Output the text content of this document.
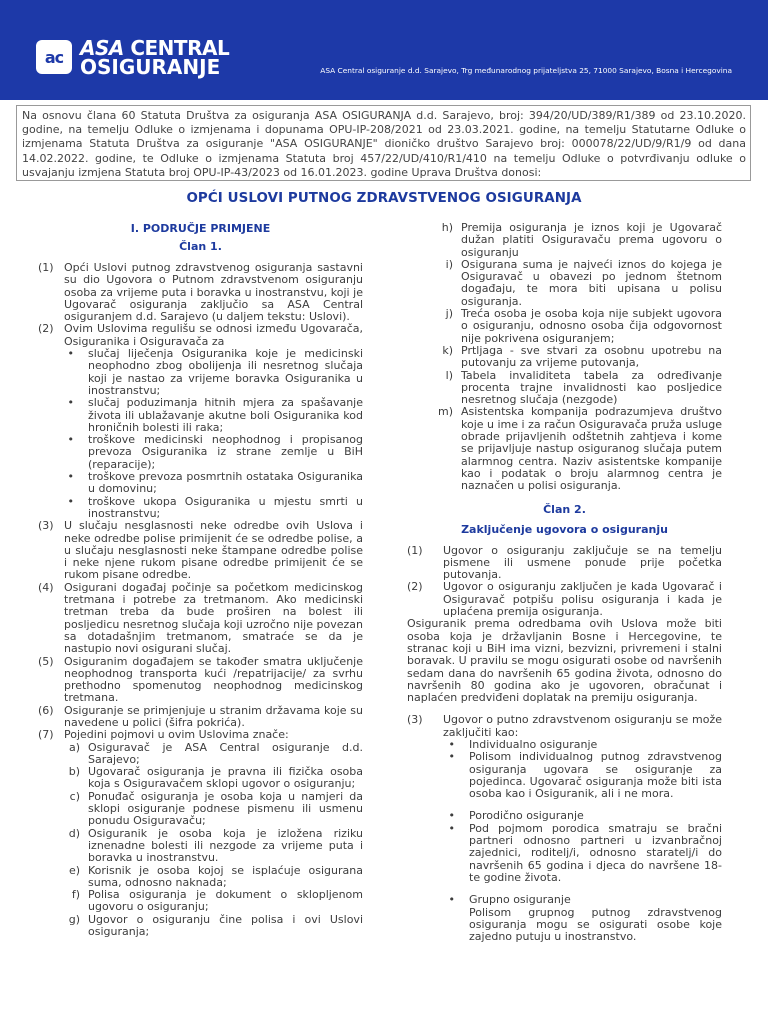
ac ASA CENTRAL
OSIGURANJE	ASA Central osiguranje d.d. Sarajevo, Trg međunarodnog prijateljstva 25, 71000 Sarajevo, Bosna i Hercegovina
Na osnovu člana 60 Statuta Društva za osiguranja ASA OSIGURANJA d.d. Sarajevo, broj: 394/20/UD/389/R1/389 od 23.10.2020. godine, na temelju Odluke o izmjenama i dopunama OPU-IP-208/2021 od 23.03.2021. godine, na temelju Statutarne Odluke o izmjenama Statuta Društva za osiguranje "ASA OSIGURANJE" dioničko društvo Sarajevo broj: 000078/22/UD/9/R1/9 od dana 14.02.2022. godine, te Odluke o izmjenama Statuta broj 457/22/UD/410/R1/410 na temelju Odluke o potvrđivanju odluke o usvajanju izmjena Statuta broj OPU-IP-43/2023 od 16.01.2023. godine Uprava Društva donosi:
OPĆI USLOVI PUTNOG ZDRAVSTVENOG OSIGURANJA
I. PODRUČJE PRIMJENE
Član 1.
(1) Opći Uslovi putnog zdravstvenog osiguranja sastavni su dio Ugovora o Putnom zdravstvenom osiguranju osoba za vrijeme puta i boravka u inostranstvu, koji je Ugovarač osiguranja zaključio sa ASA Central osiguranjem d.d. Sarajevo (u daljem tekstu: Uslovi).
(2) Ovim Uslovima regulišu se odnosi između Ugovarača, Osiguranika i Osiguravača za
•	slučaj liječenja Osiguranika koje je medicinski neophodno zbog obolijenja ili nesretnog slučaja koji je nastao za vrijeme boravka Osiguranika u inostranstvu;
•	slučaj poduzimanja hitnih mjera za spašavanje života ili ublažavanje akutne boli Osiguranika kod hroničnih bolesti ili raka;
•	troškove medicinski neophodnog i propisanog prevoza Osiguranika iz strane zemlje u BiH (reparacije);
•	troškove prevoza posmrtnih ostataka Osiguranika u domovinu;
•	troškove ukopa Osiguranika u mjestu smrti u inostranstvu;
(3) U slučaju nesglasnosti neke odredbe ovih Uslova i neke odredbe polise primijenit će se odredbe polise, a u slučaju nesglasnosti neke štampane odredbe polise i neke njene rukom pisane odredbe primijenit će se rukom pisane odredbe.
(4) Osigurani događaj počinje sa početkom medicinskog tretmana i potrebe za tretmanom. Ako medicinski tretman treba da bude proširen na bolest ili posljedicu nesretnog slučaja koji uzročno nije povezan sa dotadašnjim tretmanom, smatraće se da je nastupio novi osigurani slučaj.
(5) Osiguranim događajem se također smatra uključenje neophodnog transporta kući /repatrijacije/ za svrhu prethodno spomenutog neophodnog medicinskog tretmana.
(6) Osiguranje se primjenjuje u stranim državama koje su navedene u polici (šifra pokrića).
(7) Pojedini pojmovi u ovim Uslovima znače:
a) Osiguravač je ASA Central osiguranje d.d. Sarajevo;
b) Ugovarač osiguranja je pravna ili fizička osoba koja s Osiguravačem sklopi ugovor o osiguranju;
c) Ponuđač osiguranja je osoba koja u namjeri da sklopi osiguranje podnese pismenu ili usmenu ponudu Osiguravaču;
d) Osiguranik je osoba koja je izložena riziku iznenadne bolesti ili nezgode za vrijeme puta i boravka u inostranstvu.
e) Korisnik je osoba kojoj se isplaćuje osigurana suma, odnosno naknada;
f) Polisa osiguranja je dokument o sklopljenom ugovoru o osiguranju;
g) Ugovor o osiguranju čine polisa i ovi Uslovi osiguranja;
h) Premija osiguranja je iznos koji je Ugovarač dužan platiti Osiguravaču prema ugovoru o osiguranju
i) Osigurana suma je najveći iznos do kojega je Osiguravač u obavezi po jednom štetnom događaju, te mora biti upisana u polisu osiguranja.
j) Treća osoba je osoba koja nije subjekt ugovora o osiguranju, odnosno osoba čija odgovornost nije pokrivena osiguranjem;
k) Prtljaga - sve stvari za osobnu upotrebu na putovanju za vrijeme putovanja,
l) Tabela invaliditeta tabela za određivanje procenta trajne invalidnosti kao posljedice nesretnog slučaja (nezgode)
m) Asistentska kompanija podrazumjeva društvo koje u ime i za račun Osiguravača pruža usluge obrade prijavljenih odštetnih zahtjeva i kome se prijavljuje nastup osiguranog slučaja putem alarmnog centra. Naziv asistentske kompanije kao i podatak o broju alarmnog centra je naznačen u polisi osiguranja.
Član 2.
Zaključenje ugovora o osiguranju
(1)	Ugovor o osiguranju zaključuje se na temelju pismene ili usmene ponude prije početka putovanja.
(2)	Ugovor o osiguranju zaključen je kada Ugovarač i Osiguravač potpišu polisu osiguranja i kada je uplaćena premija osiguranja.
Osiguranik prema odredbama ovih Uslova može biti osoba koja je državljanin Bosne i Hercegovine, te stranac koji u BiH ima vizni, bezvizni, privremeni i stalni boravak. U pravilu se mogu osigurati osobe od navršenih sedam dana do navršenih 65 godina života, odnosno do navršenih 80 godina ako je ugovoren, obračunat i naplaćen predviđeni doplatak na premiju osiguranja.
(3)	Ugovor o putno zdravstvenom osiguranju se može zaključiti kao:
•	Individualno osiguranje
•	Polisom individualnog putnog zdravstvenog osiguranja ugovara se osiguranje za pojedinca. Ugovarač osiguranja može biti ista osoba kao i Osiguranik, ali i ne mora.
•	Porodično osiguranje
•	Pod pojmom porodica smatraju se bračni partneri odnosno partneri u izvanbračnoj zajednici, roditelj/i, odnosno staratelj/i do navršenih 65 godina i djeca do navršene 18-te godine života.
•	Grupno osiguranje
Polisom grupnog putnog zdravstvenog osiguranja mogu se osigurati osobe koje zajedno putuju u inostranstvo.
